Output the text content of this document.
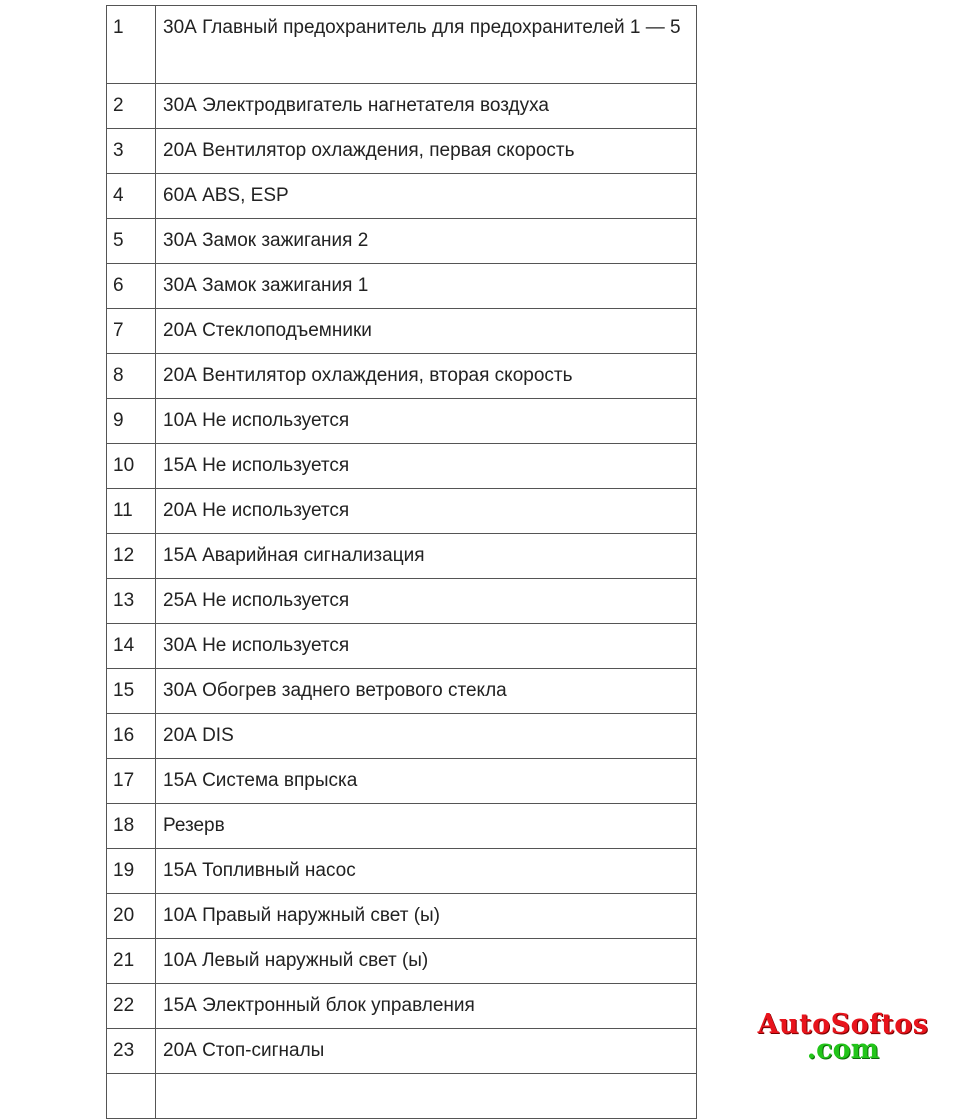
1	30А Главный предохранитель для предохранителей 1 — 5

2	30А Электродвигатель нагнетателя воздуха

3	20А Вентилятор охлаждения, первая скорость

4	60А ABS, ESP

5	30А Замок зажигания 2

6	30А Замок зажигания 1

7	20А Стеклоподъемники

8	20А Вентилятор охлаждения, вторая скорость

9	10А Не используется

10	15А Не используется

11	20А Не используется

12	15А Аварийная сигнализация

13	25А Не используется

14	30А Не используется

15	30А Обогрев заднего ветрового стекла

16	20А DIS

17	15А Система впрыска

18	Резерв

19	15А Топливный насос

20	10А Правый наружный свет (ы)

21	10А Левый наружный свет (ы)

22	15А Электронный блок управления

23	20А Стоп-сигналы

AutoSoftos
.com
